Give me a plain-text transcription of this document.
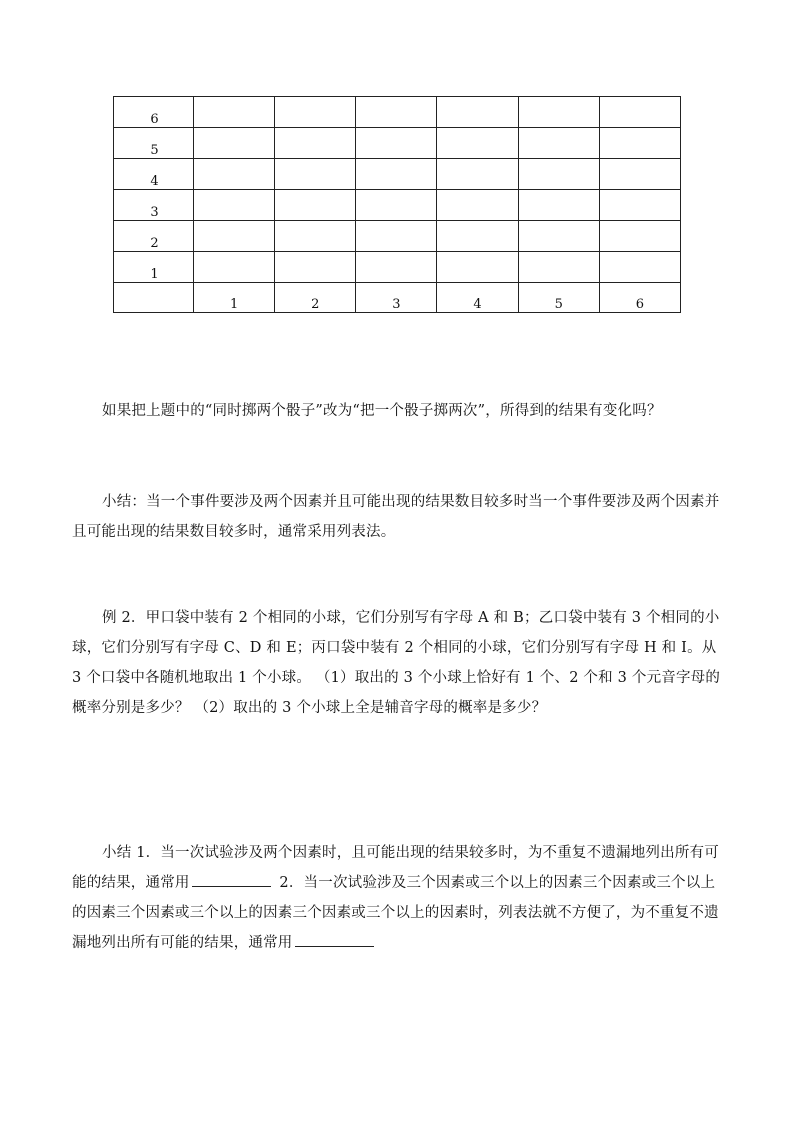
6						
5						
4						
3						
2						
1						
	1	2	3	4	5	6

如果把上题中的“同时掷两个骰子”改为“把一个骰子掷两次”，所得到的结果有变化吗？

小结：当一个事件要涉及两个因素并且可能出现的结果数目较多时当一个事件要涉及两个因素并且可能出现的结果数目较多时，通常采用列表法。

例 2．甲口袋中装有 2 个相同的小球，它们分别写有字母 A 和 B；乙口袋中装有 3 个相同的小球，它们分别写有字母 C、D 和 E；丙口袋中装有 2 个相同的小球，它们分别写有字母 H 和 I。从 3 个口袋中各随机地取出 1 个小球。 （1）取出的 3 个小球上恰好有 1 个、2 个和 3 个元音字母的概率分别是多少？ （2）取出的 3 个小球上全是辅音字母的概率是多少？

小结 1．当一次试验涉及两个因素时，且可能出现的结果较多时，为不重复不遗漏地列出所有可能的结果，通常用	2．当一次试验涉及三个因素或三个以上的因素三个因素或三个以上的因素三个因素或三个以上的因素三个因素或三个以上的因素时，列表法就不方便了，为不重复不遗漏地列出所有可能的结果，通常用
